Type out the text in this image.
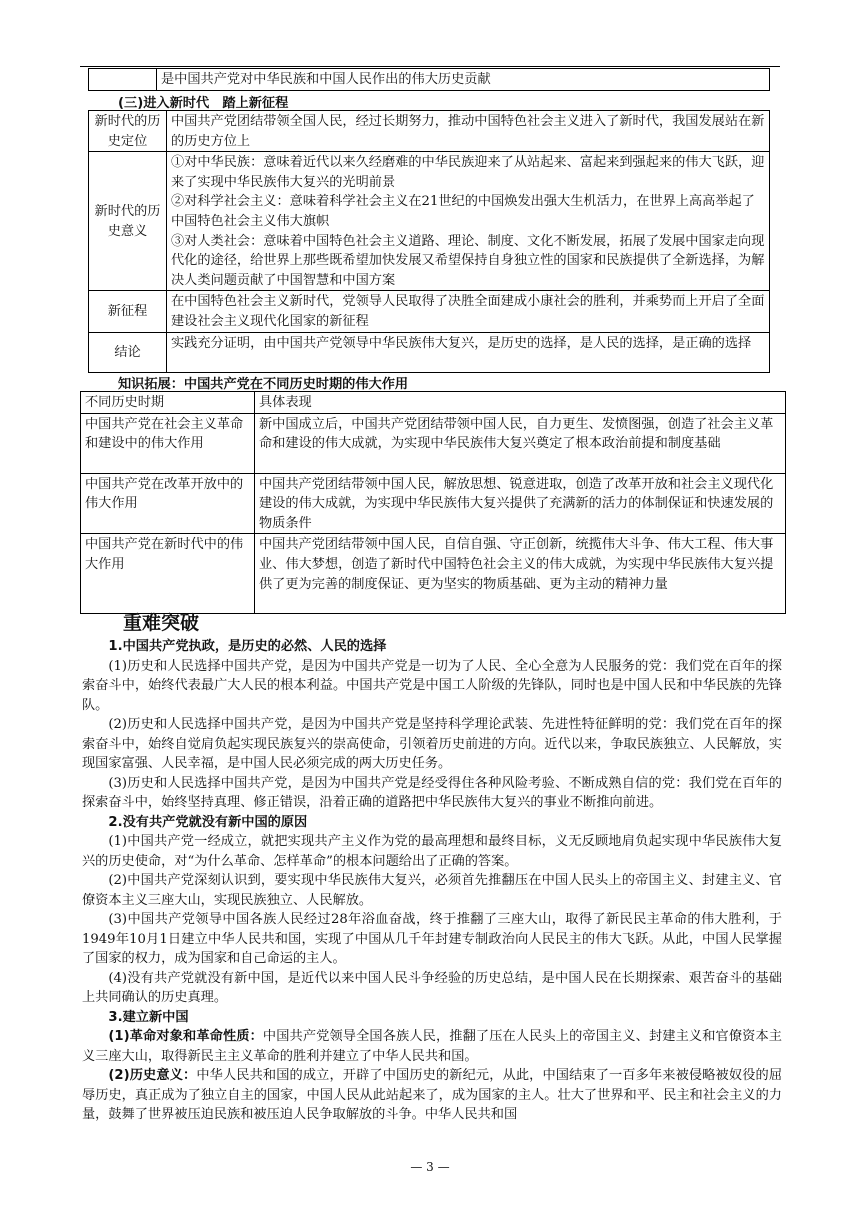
	是中国共产党对中华民族和中国人民作出的伟大历史贡献
(三)进入新时代　踏上新征程
新时代的历史定位	中国共产党团结带领全国人民，经过长期努力，推动中国特色社会主义进入了新时代，我国发展站在新的历史方位上
新时代的历史意义	①对中华民族：意味着近代以来久经磨难的中华民族迎来了从站起来、富起来到强起来的伟大飞跃，迎来了实现中华民族伟大复兴的光明前景
②对科学社会主义：意味着科学社会主义在21世纪的中国焕发出强大生机活力，在世界上高高举起了中国特色社会主义伟大旗帜
③对人类社会：意味着中国特色社会主义道路、理论、制度、文化不断发展，拓展了发展中国家走向现代化的途径，给世界上那些既希望加快发展又希望保持自身独立性的国家和民族提供了全新选择，为解决人类问题贡献了中国智慧和中国方案

新征程	在中国特色社会主义新时代，党领导人民取得了决胜全面建成小康社会的胜利，并乘势而上开启了全面建设社会主义现代化国家的新征程
结论	实践充分证明，由中国共产党领导中华民族伟大复兴，是历史的选择，是人民的选择，是正确的选择
知识拓展：中国共产党在不同历史时期的伟大作用
不同历史时期	具体表现
中国共产党在社会主义革命和建设中的伟大作用	新中国成立后，中国共产党团结带领中国人民，自力更生、发愤图强，创造了社会主义革命和建设的伟大成就，为实现中华民族伟大复兴奠定了根本政治前提和制度基础
中国共产党在改革开放中的伟大作用	中国共产党团结带领中国人民，解放思想、锐意进取，创造了改革开放和社会主义现代化建设的伟大成就，为实现中华民族伟大复兴提供了充满新的活力的体制保证和快速发展的物质条件
中国共产党在新时代中的伟大作用	中国共产党团结带领中国人民，自信自强、守正创新，统揽伟大斗争、伟大工程、伟大事业、伟大梦想，创造了新时代中国特色社会主义的伟大成就，为实现中华民族伟大复兴提供了更为完善的制度保证、更为坚实的物质基础、更为主动的精神力量
重难突破

1.中国共产党执政，是历史的必然、人民的选择

(1)历史和人民选择中国共产党，是因为中国共产党是一切为了人民、全心全意为人民服务的党：我们党在百年的探索奋斗中，始终代表最广大人民的根本利益。中国共产党是中国工人阶级的先锋队，同时也是中国人民和中华民族的先锋队。

(2)历史和人民选择中国共产党，是因为中国共产党是坚持科学理论武装、先进性特征鲜明的党：我们党在百年的探索奋斗中，始终自觉肩负起实现民族复兴的崇高使命，引领着历史前进的方向。近代以来，争取民族独立、人民解放，实现国家富强、人民幸福，是中国人民必须完成的两大历史任务。

(3)历史和人民选择中国共产党，是因为中国共产党是经受得住各种风险考验、不断成熟自信的党：我们党在百年的探索奋斗中，始终坚持真理、修正错误，沿着正确的道路把中华民族伟大复兴的事业不断推向前进。

2.没有共产党就没有新中国的原因

(1)中国共产党一经成立，就把实现共产主义作为党的最高理想和最终目标，义无反顾地肩负起实现中华民族伟大复兴的历史使命，对“为什么革命、怎样革命”的根本问题给出了正确的答案。

(2)中国共产党深刻认识到，要实现中华民族伟大复兴，必须首先推翻压在中国人民头上的帝国主义、封建主义、官僚资本主义三座大山，实现民族独立、人民解放。

(3)中国共产党领导中国各族人民经过28年浴血奋战，终于推翻了三座大山，取得了新民民主革命的伟大胜利，于1949年10月1日建立中华人民共和国，实现了中国从几千年封建专制政治向人民民主的伟大飞跃。从此，中国人民掌握了国家的权力，成为国家和自己命运的主人。

(4)没有共产党就没有新中国，是近代以来中国人民斗争经验的历史总结，是中国人民在长期探索、艰苦奋斗的基础上共同确认的历史真理。

3.建立新中国

(1)革命对象和革命性质：中国共产党领导全国各族人民，推翻了压在人民头上的帝国主义、封建主义和官僚资本主义三座大山，取得新民主主义革命的胜利并建立了中华人民共和国。

(2)历史意义：中华人民共和国的成立，开辟了中国历史的新纪元，从此，中国结束了一百多年来被侵略被奴役的屈辱历史，真正成为了独立自主的国家，中国人民从此站起来了，成为国家的主人。壮大了世界和平、民主和社会主义的力量，鼓舞了世界被压迫民族和被压迫人民争取解放的斗争。中华人民共和国

— 3 —
